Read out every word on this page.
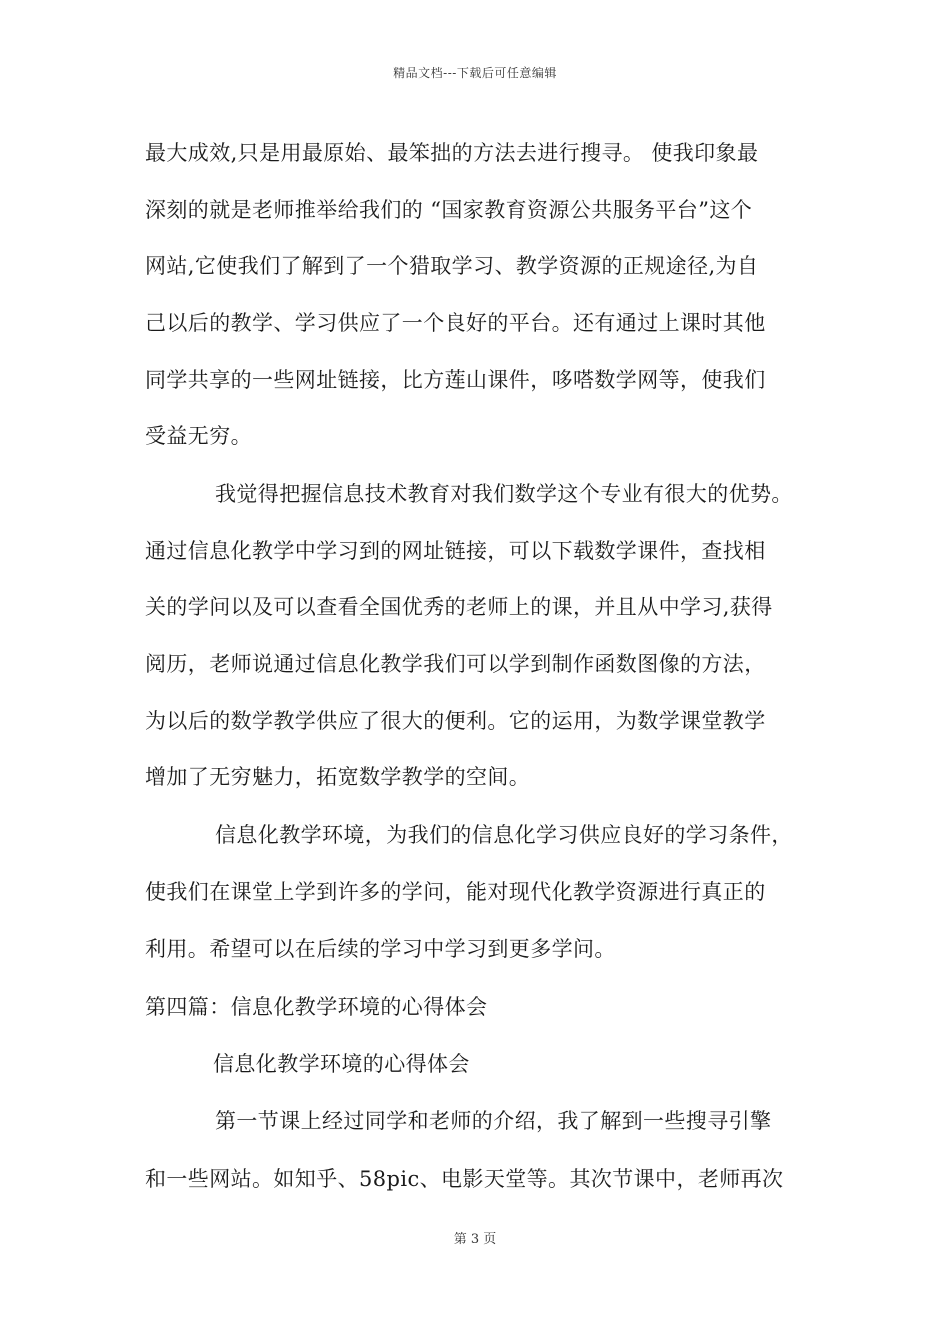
精品文档---下载后可任意编辑
最大成效,只是用最原始、最笨拙的方法去进行搜寻。 使我印象最
深刻的就是老师推举给我们的 “国家教育资源公共服务平台”这个
网站,它使我们了解到了一个猎取学习、教学资源的正规途径,为自
己以后的教学、学习供应了一个良好的平台。还有通过上课时其他
同学共享的一些网址链接，比方莲山课件，哆嗒数学网等，使我们
受益无穷。
我觉得把握信息技术教育对我们数学这个专业有很大的优势。
通过信息化教学中学习到的网址链接，可以下载数学课件，查找相
关的学问以及可以查看全国优秀的老师上的课，并且从中学习,获得
阅历，老师说通过信息化教学我们可以学到制作函数图像的方法，
为以后的数学教学供应了很大的便利。它的运用，为数学课堂教学
增加了无穷魅力，拓宽数学教学的空间。
信息化教学环境，为我们的信息化学习供应良好的学习条件，
使我们在课堂上学到许多的学问，能对现代化教学资源进行真正的
利用。希望可以在后续的学习中学习到更多学问。
第四篇：信息化教学环境的心得体会
信息化教学环境的心得体会
第一节课上经过同学和老师的介绍，我了解到一些搜寻引擎
和一些网站。如知乎、58pic、电影天堂等。其次节课中，老师再次
第 3 页
